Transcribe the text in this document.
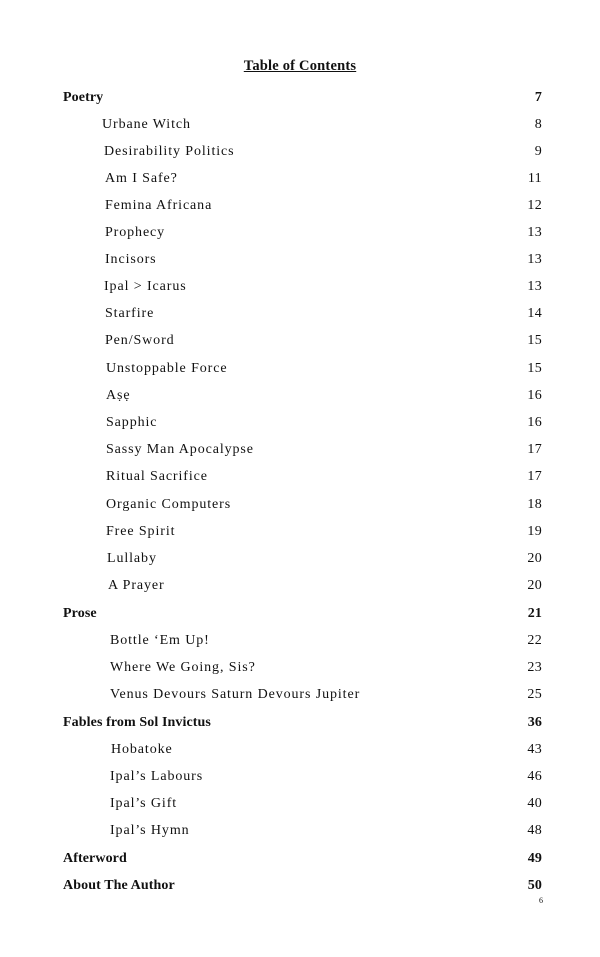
Table of Contents
Poetry	7
Urbane Witch	8
Desirability Politics	9
Am I Safe?	11
Femina Africana	12
Prophecy	13
Incisors	13
Ipal > Icarus	13
Starfire	14
Pen/Sword	15
Unstoppable Force	15
Aṣẹ	16
Sapphic	16
Sassy Man Apocalypse	17
Ritual Sacrifice	17
Organic Computers	18
Free Spirit	19
Lullaby	20
A Prayer	20
Prose	21
Bottle ‘Em Up!	22
Where We Going, Sis?	23
Venus Devours Saturn Devours Jupiter	25
Fables from Sol Invictus	36
Hobatoke	43
Ipal’s Labours	46
Ipal’s Gift	40
Ipal’s Hymn	48
Afterword	49
About The Author	50
6
